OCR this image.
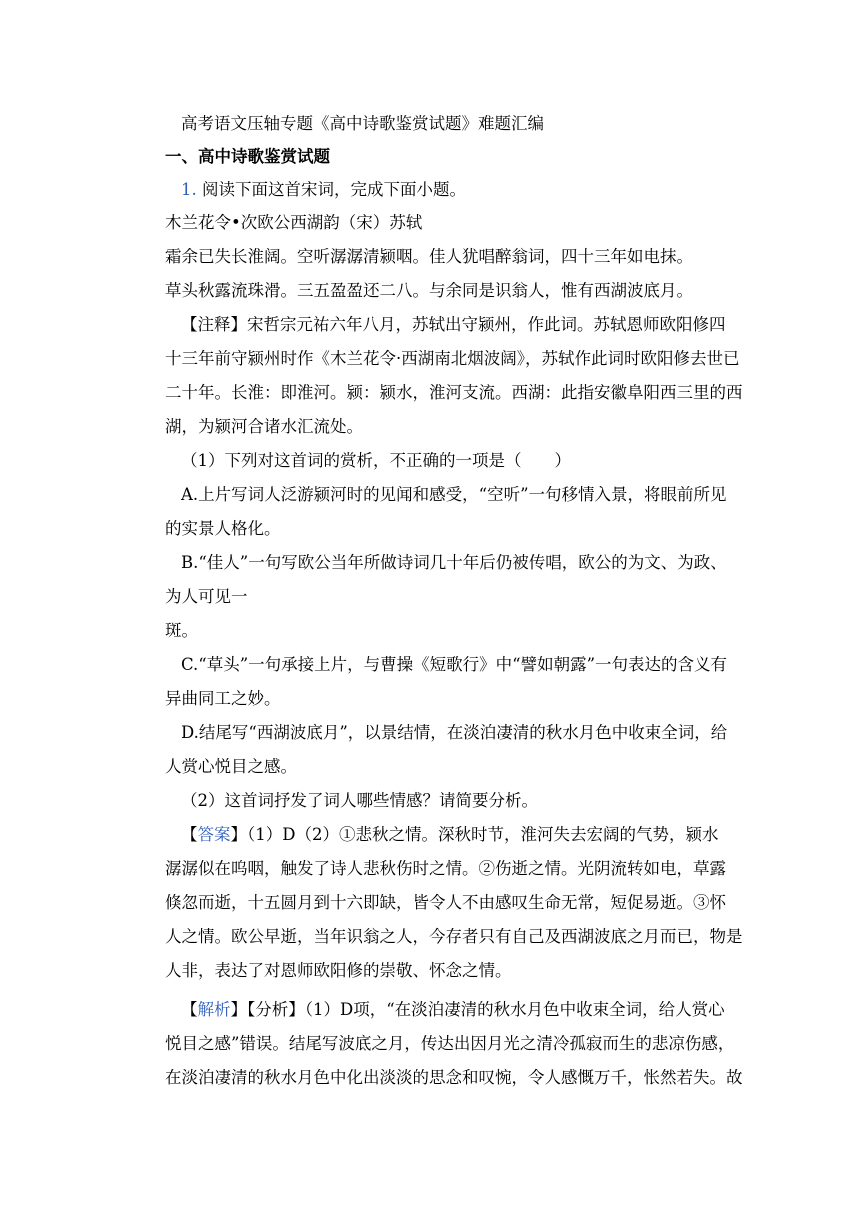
高考语文压轴专题《高中诗歌鉴赏试题》难题汇编
一、高中诗歌鉴赏试题
1. 阅读下面这首宋词，完成下面小题。
木兰花令•次欧公西湖韵（宋）苏轼
霜余已失长淮阔。空听潺潺清颍咽。佳人犹唱醉翁词，四十三年如电抹。
草头秋露流珠滑。三五盈盈还二八。与余同是识翁人，惟有西湖波底月。
【注释】宋哲宗元祐六年八月，苏轼出守颍州，作此词。苏轼恩师欧阳修四
十三年前守颍州时作《木兰花令·西湖南北烟波阔》，苏轼作此词时欧阳修去世已
二十年。长淮：即淮河。颍：颍水，淮河支流。西湖：此指安徽阜阳西三里的西
湖，为颍河合诸水汇流处。
（1）下列对这首词的赏析，不正确的一项是（　　）
A.上片写词人泛游颍河时的见闻和感受，“空听”一句移情入景，将眼前所见
的实景人格化。
B.“佳人”一句写欧公当年所做诗词几十年后仍被传唱，欧公的为文、为政、
为人可见一
斑。
C.“草头”一句承接上片，与曹操《短歌行》中“譬如朝露”一句表达的含义有
异曲同工之妙。
D.结尾写“西湖波底月”，以景结情，在淡泊凄清的秋水月色中收束全词，给
人赏心悦目之感。
（2）这首词抒发了词人哪些情感？请简要分析。
【答案】（1）D（2）①悲秋之情。深秋时节，淮河失去宏阔的气势，颍水
潺潺似在呜咽，触发了诗人悲秋伤时之情。②伤逝之情。光阴流转如电，草露
倏忽而逝，十五圆月到十六即缺，皆令人不由感叹生命无常，短促易逝。③怀
人之情。欧公早逝，当年识翁之人，今存者只有自己及西湖波底之月而已，物是
人非，表达了对恩师欧阳修的崇敬、怀念之情。
【解析】【分析】（1）D项，“在淡泊凄清的秋水月色中收束全词，给人赏心
悦目之感”错误。结尾写波底之月，传达出因月光之清冷孤寂而生的悲凉伤感，
在淡泊凄清的秋水月色中化出淡淡的思念和叹惋，令人感慨万千，怅然若失。故
